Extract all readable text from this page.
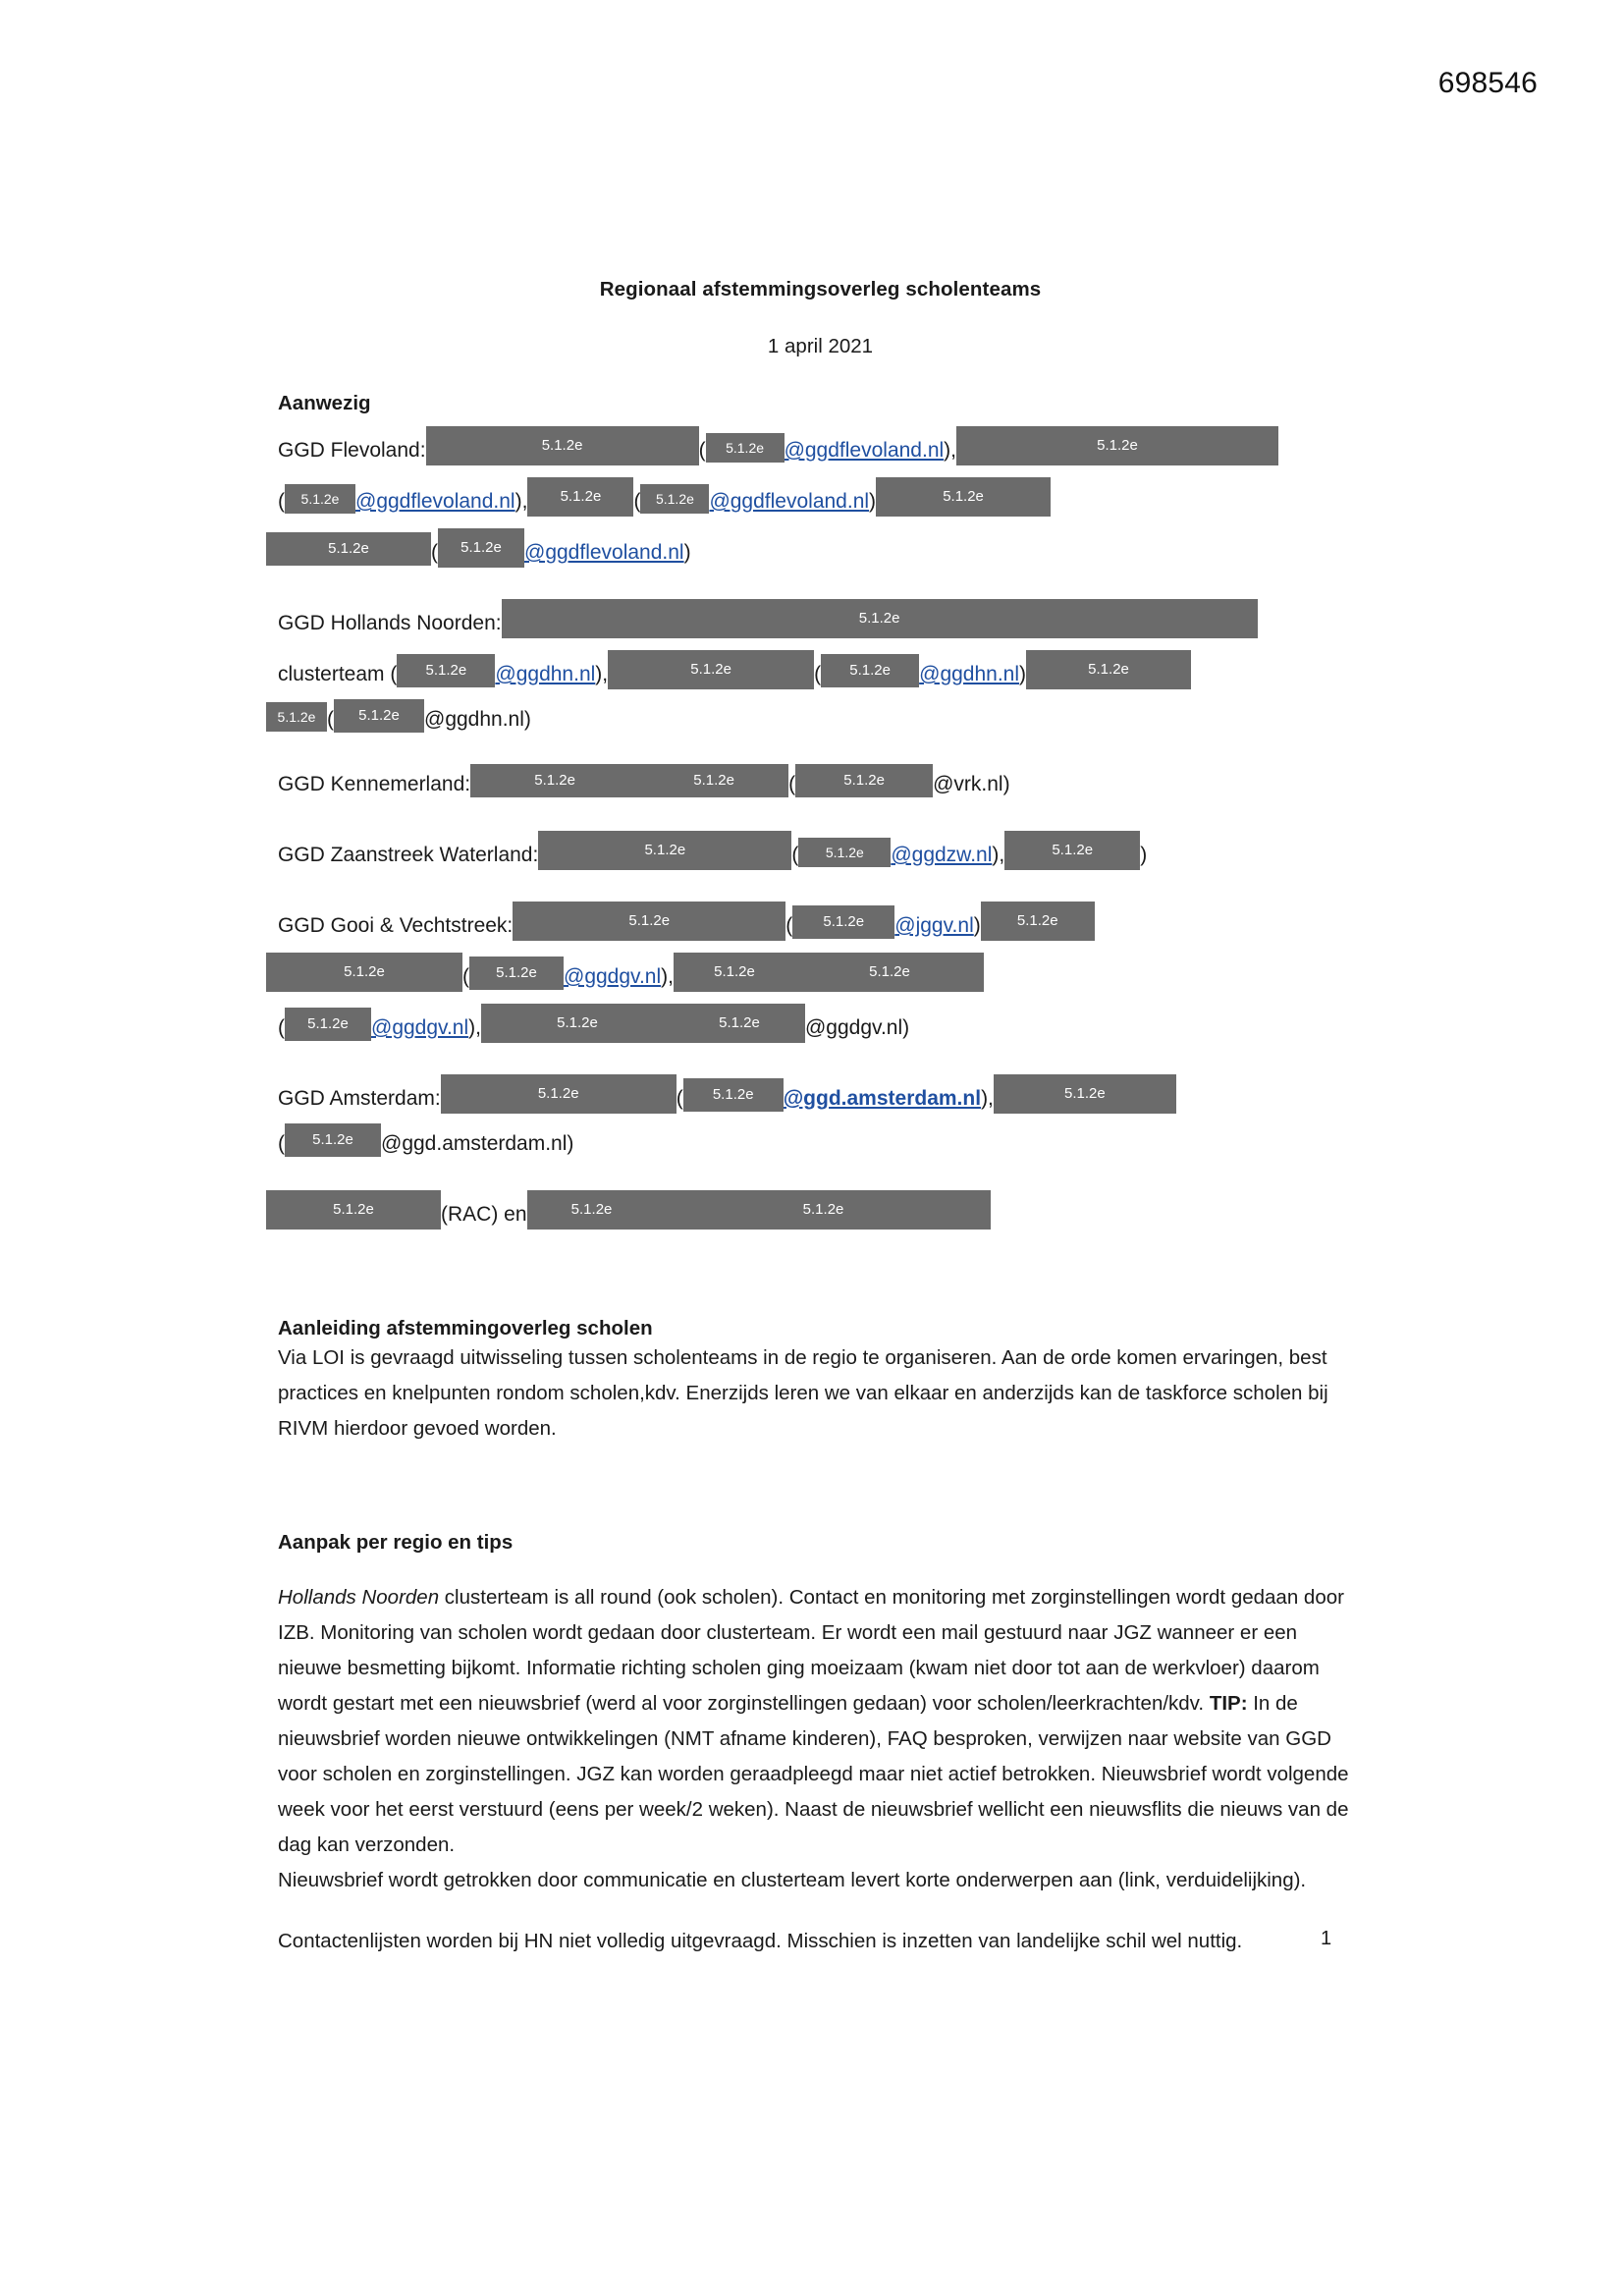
698546
Regionaal afstemmingsoverleg scholenteams
1 april 2021
Aanwezig
GGD Flevoland:	5.1.2e	( 5.1.2e @ggdflevoland.nl),	5.1.2e
( 5.1.2e @ggdflevoland.nl), 5.1.2e ( 5.1.2e @ggdflevoland.nl)	5.1.2e
5.1.2e	( 5.1.2e @ggdflevoland.nl)
GGD Hollands Noorden:	5.1.2e
clusterteam ( 5.1.2e @ggdhn.nl),	5.1.2e	( 5.1.2e @ggdhn.nl)	5.1.2e
5.1.2e ( 5.1.2e @ggdhn.nl)
GGD Kennemerland:	5.1.2e	5.1.2e	(	5.1.2e @vrk.nl)
GGD Zaanstreek Waterland:	5.1.2e	( 5.1.2e @ggdzw.nl),	5.1.2e )
GGD Gooi & Vechtstreek:	5.1.2e	( 5.1.2e @jggv.nl) 5.1.2e
5.1.2e	( 5.1.2e @ggdgv.nl),	5.1.2e	5.1.2e
( 5.1.2e @ggdgv.nl),	5.1.2e	5.1.2e @ggdgv.nl)
GGD Amsterdam:	5.1.2e	( 5.1.2e @ggd.amsterdam.nl),	5.1.2e
( 5.1.2e @ggd.amsterdam.nl)
5.1.2e	(RAC) en	5.1.2e	5.1.2e
Aanleiding afstemmingoverleg scholen

Via LOI is gevraagd uitwisseling tussen scholenteams in de regio te organiseren. Aan de orde komen ervaringen, best practices en knelpunten rondom scholen,kdv. Enerzijds leren we van elkaar en anderzijds kan de taskforce scholen bij RIVM hierdoor gevoed worden.

Aanpak per regio en tips

Hollands Noorden clusterteam is all round (ook scholen). Contact en monitoring met zorginstellingen wordt gedaan door IZB. Monitoring van scholen wordt gedaan door clusterteam. Er wordt een mail gestuurd naar JGZ wanneer er een nieuwe besmetting bijkomt. Informatie richting scholen ging moeizaam (kwam niet door tot aan de werkvloer) daarom wordt gestart met een nieuwsbrief (werd al voor zorginstellingen gedaan) voor scholen/leerkrachten/kdv. TIP: In de nieuwsbrief worden nieuwe ontwikkelingen (NMT afname kinderen), FAQ besproken, verwijzen naar website van GGD voor scholen en zorginstellingen. JGZ kan worden geraadpleegd maar niet actief betrokken. Nieuwsbrief wordt volgende week voor het eerst verstuurd (eens per week/2 weken). Naast de nieuwsbrief wellicht een nieuwsflits die nieuws van de dag kan verzonden.

Nieuwsbrief wordt getrokken door communicatie en clusterteam levert korte onderwerpen aan (link, verduidelijking).

Contactenlijsten worden bij HN niet volledig uitgevraagd. Misschien is inzetten van landelijke schil wel nuttig.	1
